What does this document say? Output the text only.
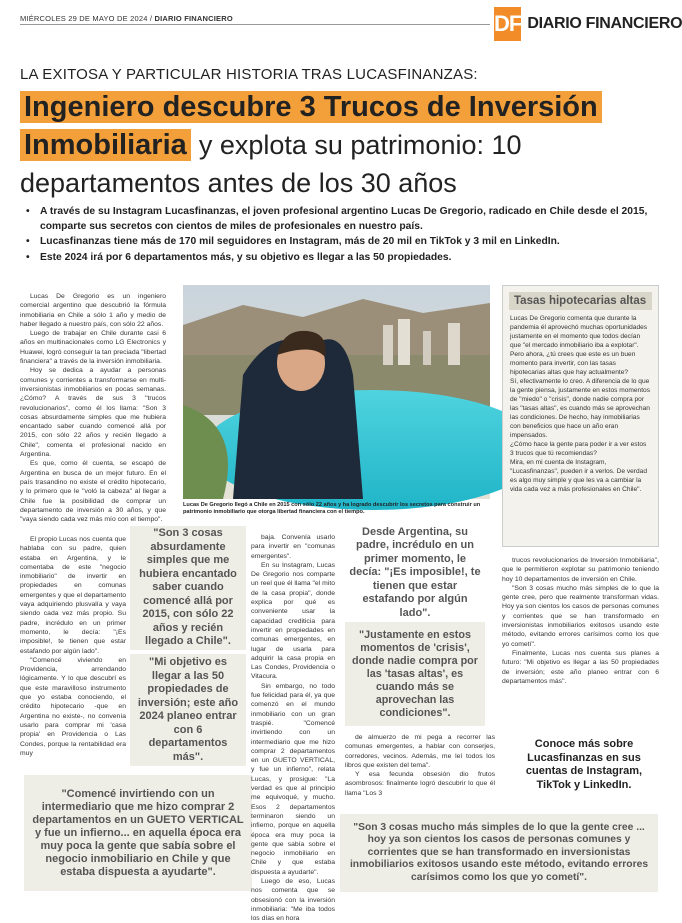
MIÉRCOLES 29 DE MAYO DE 2024 / DIARIO FINANCIERO	DF DIARIO FINANCIERO
LA EXITOSA Y PARTICULAR HISTORIA TRAS LUCASFINANZAS:
Ingeniero descubre 3 Trucos de Inversión
Inmobiliaria y explota su patrimonio: 10
departamentos antes de los 30 años
• A través de su Instagram Lucasfinanzas, el joven profesional argentino Lucas De Gregorio, radicado en Chile desde el 2015, comparte sus secretos con cientos de miles de profesionales en nuestro país.
• Lucasfinanzas tiene más de 170 mil seguidores en Instagram, más de 20 mil en TikTok y 3 mil en LinkedIn.
• Este 2024 irá por 6 departamentos más, y su objetivo es llegar a las 50 propiedades.

Lucas De Gregorio es un ingeniero comercial argentino que descubrió la fórmula inmobiliaria en Chile a sólo 1 año y medio de haber llegado a nuestro país, con sólo 22 años.

Luego de trabajar en Chile durante casi 6 años en multinacionales como LG Electronics y Huawei, logró conseguir la tan preciada "libertad financiera" a través de la inversión inmobiliaria.

Hoy se dedica a ayudar a personas comunes y corrientes a transformarse en multi-inversionistas inmobiliarios en pocas semanas. ¿Cómo? A través de sus 3 "trucos revolucionarios", como él los llama: "Son 3 cosas absurdamente simples que me hubiera encantado saber cuando comencé allá por 2015, con sólo 22 años y recién llegado a Chile", comenta el profesional nacido en Argentina.

Es que, como él cuenta, se escapó de Argentina en busca de un mejor futuro. En el país trasandino no existe el crédito hipotecario, y lo primero que le "voló la cabeza" al llegar a Chile fue la posibilidad de comprar un departamento de inversión a 30 años, y que "vaya siendo cada vez más mío con el tiempo".

El propio Lucas nos cuenta que hablaba con su padre, quien estaba en Argentina, y le comentaba de este "negocio inmobiliario" de invertir en propiedades en comunas emergentes y que el departamento vaya adquiriendo plusvalía y vaya siendo cada vez más propio. Su padre, incrédulo en un primer momento, le decía: "¡Es imposible!, te tienen que estar estafando por algún lado".

"Comencé viviendo en Providencia, arrendando lógicamente. Y lo que descubrí es que este maravilloso instrumento que yo estaba conociendo, el crédito hipotecario -que en Argentina no existe-, no convenía usarlo para comprar mi 'casa propia' en Providencia o Las Condes, porque la rentabilidad era muy

Lucas De Gregorio llegó a Chile en 2015 con sólo 22 años y ha logrado descubrir los secretos para construir un patrimonio inmobiliario que otorga libertad financiera con el tiempo.
Tasas hipotecarias altas

Lucas De Gregorio comenta que durante la pandemia él aprovechó muchas oportunidades justamente en el momento que todos decían que "el mercado inmobiliario iba a explotar".

Pero ahora, ¿tú crees que este es un buen momento para invertir, con las tasas hipotecarias altas que hay actualmente?

Sí, efectivamente lo creo. A diferencia de lo que la gente piensa, justamente en estos momentos de "miedo" o "crisis", donde nadie compra por las "tasas altas", es cuando más se aprovechan las condiciones. De hecho, hay inmobiliarias con beneficios que hace un año eran impensados.

¿Cómo hace la gente para poder ir a ver estos 3 trucos que tú recomiendas?

Mira, en mi cuenta de Instagram, "Lucasfinanzas", pueden ir a verlos. De verdad es algo muy simple y que les va a cambiar la vida cada vez a más profesionales en Chile".

"Son 3 cosas absurdamente simples que me hubiera encantado saber cuando comencé allá por 2015, con sólo 22 años y recién llegado a Chile".
"Mi objetivo es llegar a las 50 propiedades de inversión; este año 2024 planeo entrar con 6 departamentos más".
Desde Argentina, su padre, incrédulo en un primer momento, le decía: "¡Es imposible!, te tienen que estar estafando por algún lado".
"Justamente en estos momentos de 'crisis', donde nadie compra por las 'tasas altas', es cuando más se aprovechan las condiciones".
"Comencé invirtiendo con un intermediario que me hizo comprar 2 departamentos en un GUETO VERTICAL y fue un infierno... en aquella época era muy poca la gente que sabía sobre el negocio inmobiliario en Chile y que estaba dispuesta a ayudarte".
"Son 3 cosas mucho más simples de lo que la gente cree ... hoy ya son cientos los casos de personas comunes y corrientes que se han transformado en inversionistas inmobiliarios exitosos usando este método, evitando errores carísimos como los que yo cometí".

baja. Convenía usarlo para invertir en "comunas emergentes".

En su Instagram, Lucas De Gregorio nos comparte un reel que él llama "el mito de la casa propia", donde explica por qué es conveniente usar la capacidad crediticia para invertir en propiedades en comunas emergentes, en lugar de usarla para adquirir la casa propia en Las Condes, Providencia o Vitacura.

Sin embargo, no todo fue felicidad para él, ya que comenzó en el mundo inmobiliario con un gran traspié. "Comencé invirtiendo con un intermediario que me hizo comprar 2 departamentos en un GUETO VERTICAL, y fue un infierno", relata Lucas, y prosigue: "La verdad es que al principio me equivoqué, y mucho. Esos 2 departamentos terminaron siendo un infierno, porque en aquella época era muy poca la gente que sabía sobre el negocio inmobiliario en Chile y que estaba dispuesta a ayudarte".

Luego de eso, Lucas nos comenta que se obsesionó con la inversión inmobiliaria: "Me iba todos los días en hora

de almuerzo de mi pega a recorrer las comunas emergentes, a hablar con conserjes, corredores, vecinos. Además, me leí todos los libros que existen del tema".

Y esa fecunda obsesión dio frutos asombrosos: finalmente logró descubrir lo que él llama "Los 3

trucos revolucionarios de Inversión Inmobiliaria", que le permitieron explotar su patrimonio teniendo hoy 10 departamentos de inversión en Chile.

"Son 3 cosas mucho más simples de lo que la gente cree, pero que realmente transforman vidas. Hoy ya son cientos los casos de personas comunes y corrientes que se han transformado en inversionistas inmobiliarios exitosos usando este método, evitando errores carísimos como los que yo cometí".

Finalmente, Lucas nos cuenta sus planes a futuro: "Mi objetivo es llegar a las 50 propiedades de inversión; este año planeo entrar con 6 departamentos más".

Conoce más sobre Lucasfinanzas en sus cuentas de Instagram, TikTok y LinkedIn.
